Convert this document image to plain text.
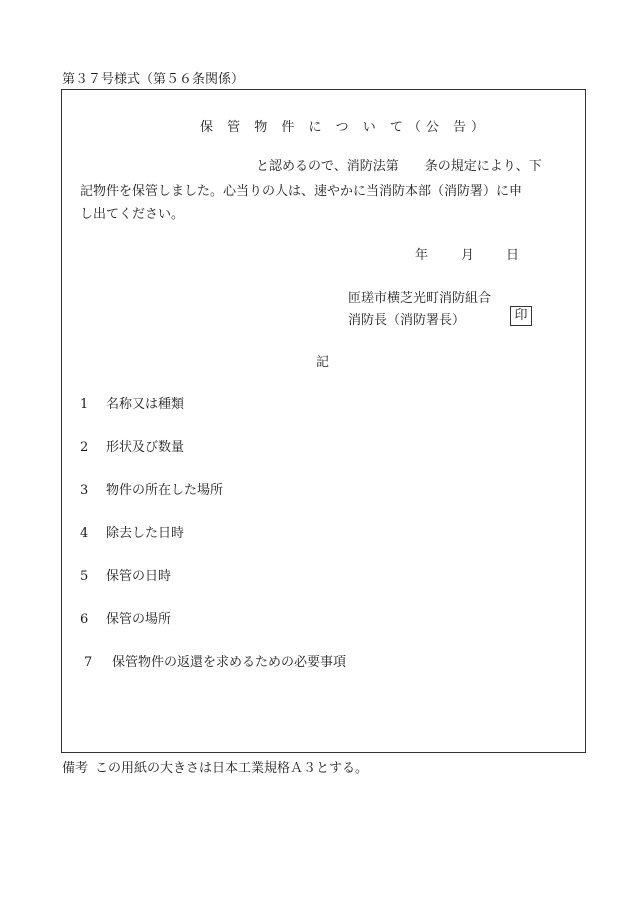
第３７号様式（第５６条関係）
保 管 物 件 に つ い て（公 告）
と認めるので、消防法第　　条の規定により、下
記物件を保管しました。心当りの人は、速やかに当消防本部（消防署）に申
し出てください。
年	月 日
匝瑳市横芝光町消防組合
消防長（消防署長）	印
記
1 名称又は種類
2 形状及び数量
3 物件の所在した場所
4 除去した日時
5 保管の日時
6 保管の場所
7 保管物件の返還を求めるための必要事項
備考 この用紙の大きさは日本工業規格Ａ３とする。
